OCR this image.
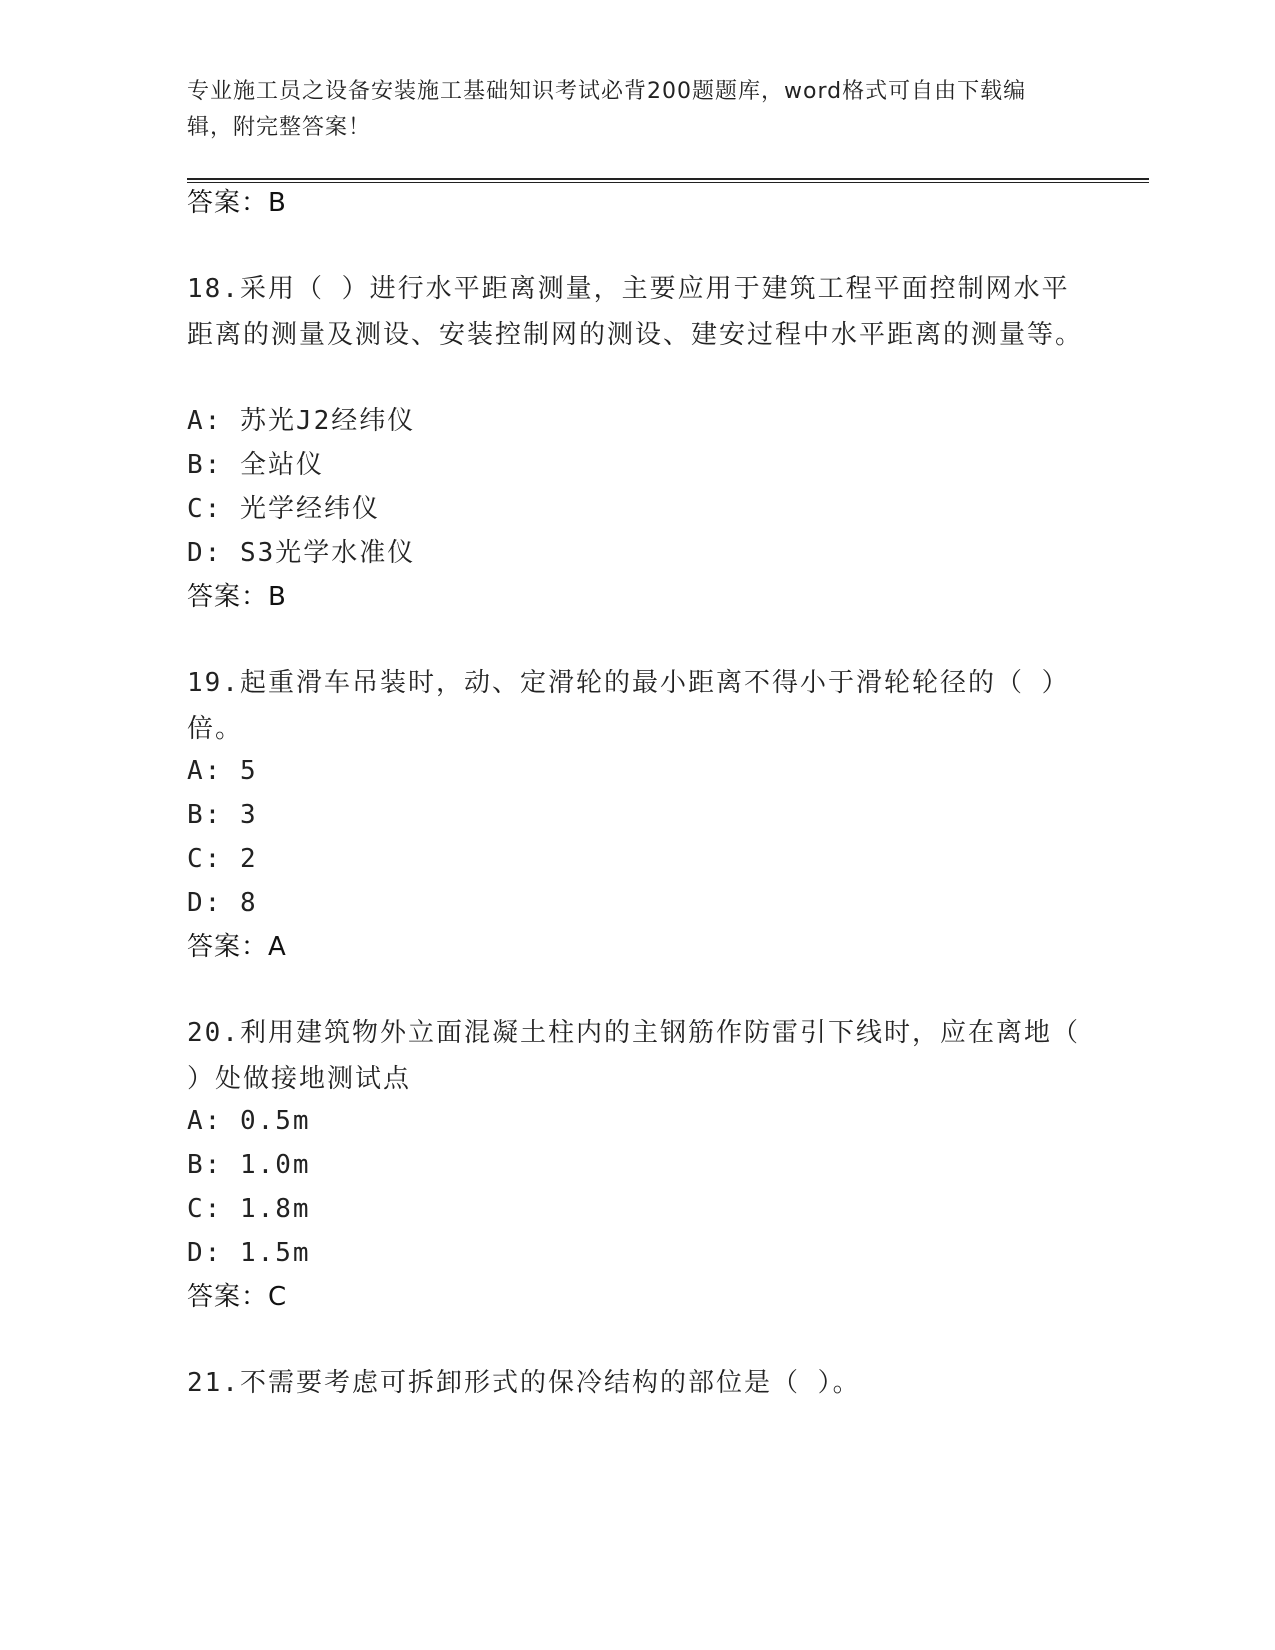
专业施工员之设备安装施工基础知识考试必背200题题库，word格式可自由下载编辑，附完整答案！
答案：B
18.采用（ ）进行水平距离测量，主要应用于建筑工程平面控制网水平距离的测量及测设、安装控制网的测设、建安过程中水平距离的测量等。
A: 苏光J2经纬仪
B: 全站仪
C: 光学经纬仪
D: S3光学水准仪
答案：B
19.起重滑车吊装时，动、定滑轮的最小距离不得小于滑轮轮径的（ ）倍。
A: 5
B: 3
C: 2
D: 8
答案：A
20.利用建筑物外立面混凝土柱内的主钢筋作防雷引下线时，应在离地（ ）处做接地测试点
A: 0.5m
B: 1.0m
C: 1.8m
D: 1.5m
答案：C
21.不需要考虑可拆卸形式的保冷结构的部位是（ ）。
